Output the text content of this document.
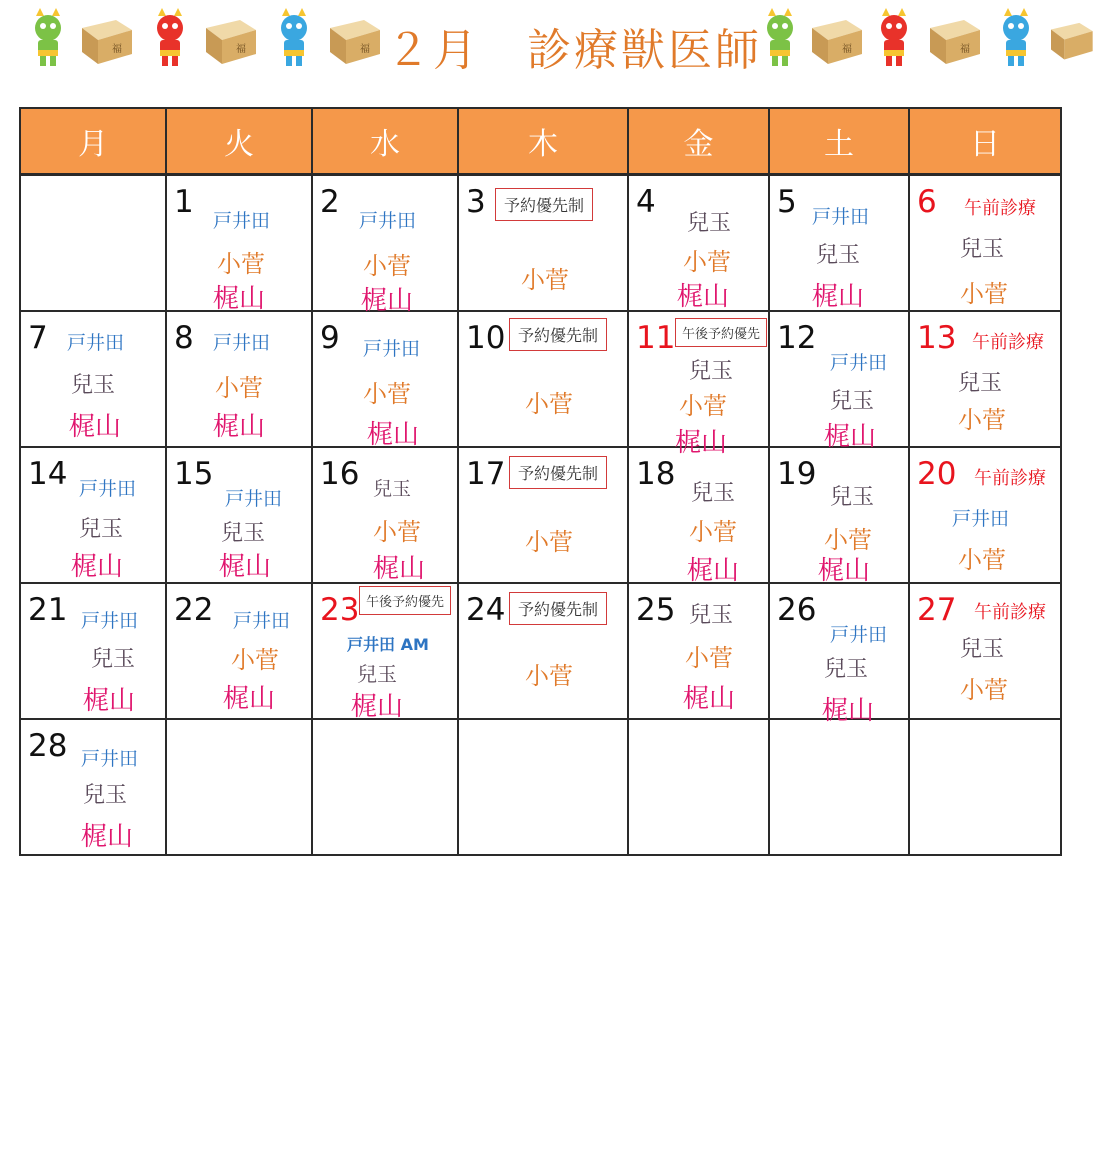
福	福	福 ２月　診療獣医師	福	福
月	火	水	木	金	土	日

	1
戸井田
小菅
梶山	2
戸井田
小菅
梶山	3 予約優先制
小菅	4
兒玉
小菅
梶山	5 戸井田
兒玉
梶山	6 午前診療
兒玉
小菅

7 戸井田
兒玉
梶山	8 戸井田
小菅
梶山	9 戸井田
小菅
梶山	10 予約優先制
小菅	11 午後予約優先
兒玉
小菅
梶山	12
戸井田
兒玉
梶山	13 午前診療
兒玉
小菅

14 戸井田
兒玉
梶山	15
戸井田
兒玉
梶山	16 兒玉
小菅
梶山	17 予約優先制
小菅	18
兒玉
小菅
梶山	19
兒玉
小菅
梶山	20 午前診療
戸井田
小菅

21 戸井田
兒玉
梶山	22 戸井田
小菅
梶山	23 午後予約優先
戸井田 AM
兒玉
梶山	24 予約優先制
小菅	25 兒玉
小菅
梶山	26
戸井田
兒玉
梶山	27 午前診療
兒玉
小菅

28 戸井田
兒玉
梶山						
